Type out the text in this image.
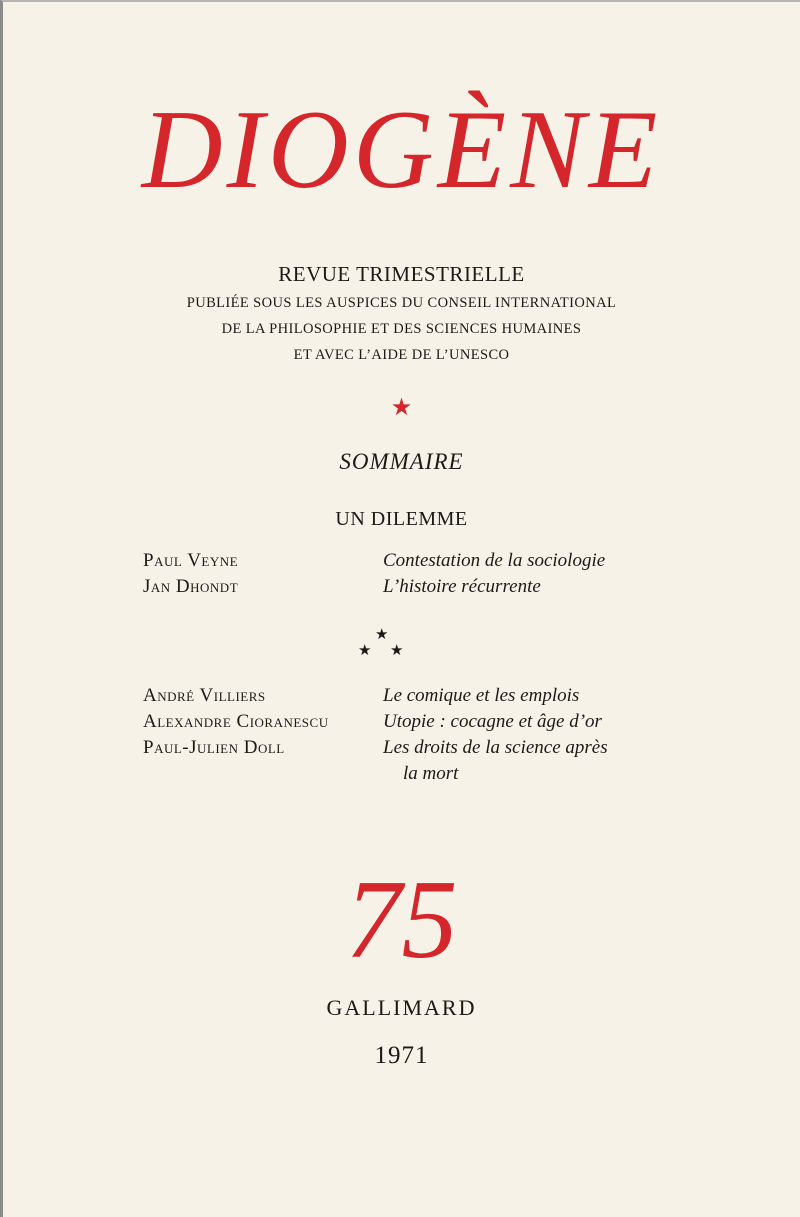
DIOGÈNE
REVUE TRIMESTRIELLE
PUBLIÉE SOUS LES AUSPICES DU CONSEIL INTERNATIONAL
DE LA PHILOSOPHIE ET DES SCIENCES HUMAINES
ET AVEC L’AIDE DE L’UNESCO
★
SOMMAIRE
UN DILEMME
Paul Veyne	Contestation de la sociologie
Jan Dhondt	L’histoire récurrente
★
★ ★
André Villiers	Le comique et les emplois
Alexandre Cioranescu	Utopie : cocagne et âge d’or
Paul-Julien Doll	Les droits de la science après
la mort
75
GALLIMARD
1971
